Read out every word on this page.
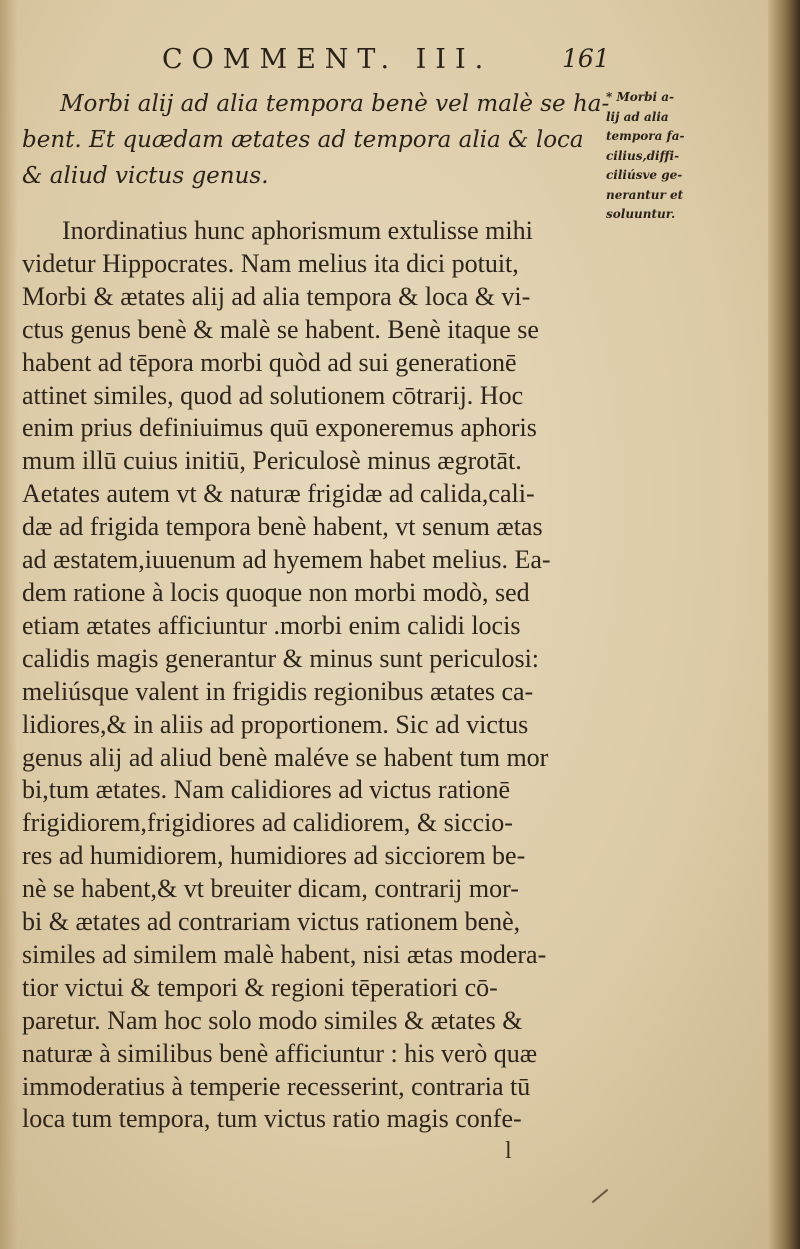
COMMENT. III.	161
Morbi alij ad alia tempora benè vel malè se ha-
bent. Et quædam ætates ad tempora alia & loca
& aliud victus genus.
* Morbi a-
lij ad alia
tempora fa-
cilius,diffi-
ciliúsve ge-
nerantur et
soluuntur.
Inordinatius hunc aphorismum extulisse mihi
videtur Hippocrates. Nam melius ita dici potuit,
Morbi & ætates alij ad alia tempora & loca & vi-
ctus genus benè & malè se habent. Benè itaque se
habent ad tēpora morbi quòd ad sui generationē
attinet similes, quod ad solutionem cōtrarij. Hoc
enim prius definiuimus quū exponeremus aphoris
mum illū cuius initiū, Periculosè minus ægrotāt.
Aetates autem vt & naturæ frigidæ ad calida,cali-
dæ ad frigida tempora benè habent, vt senum ætas
ad æstatem,iuuenum ad hyemem habet melius. Ea-
dem ratione à locis quoque non morbi modò, sed
etiam ætates afficiuntur .morbi enim calidi locis
calidis magis generantur & minus sunt periculosi:
meliúsque valent in frigidis regionibus ætates ca-
lidiores,& in aliis ad proportionem. Sic ad victus
genus alij ad aliud benè maléve se habent tum mor
bi,tum ætates. Nam calidiores ad victus rationē
frigidiorem,frigidiores ad calidiorem, & siccio-
res ad humidiorem, humidiores ad sicciorem be-
nè se habent,& vt breuiter dicam, contrarij mor-
bi & ætates ad contrariam victus rationem benè,
similes ad similem malè habent, nisi ætas modera-
tior victui & tempori & regioni tēperatiori cō-
paretur. Nam hoc solo modo similes & ætates &
naturæ à similibus benè afficiuntur : his verò quæ
immoderatius à temperie recesserint, contraria tū
loca tum tempora, tum victus ratio magis confe-
l
